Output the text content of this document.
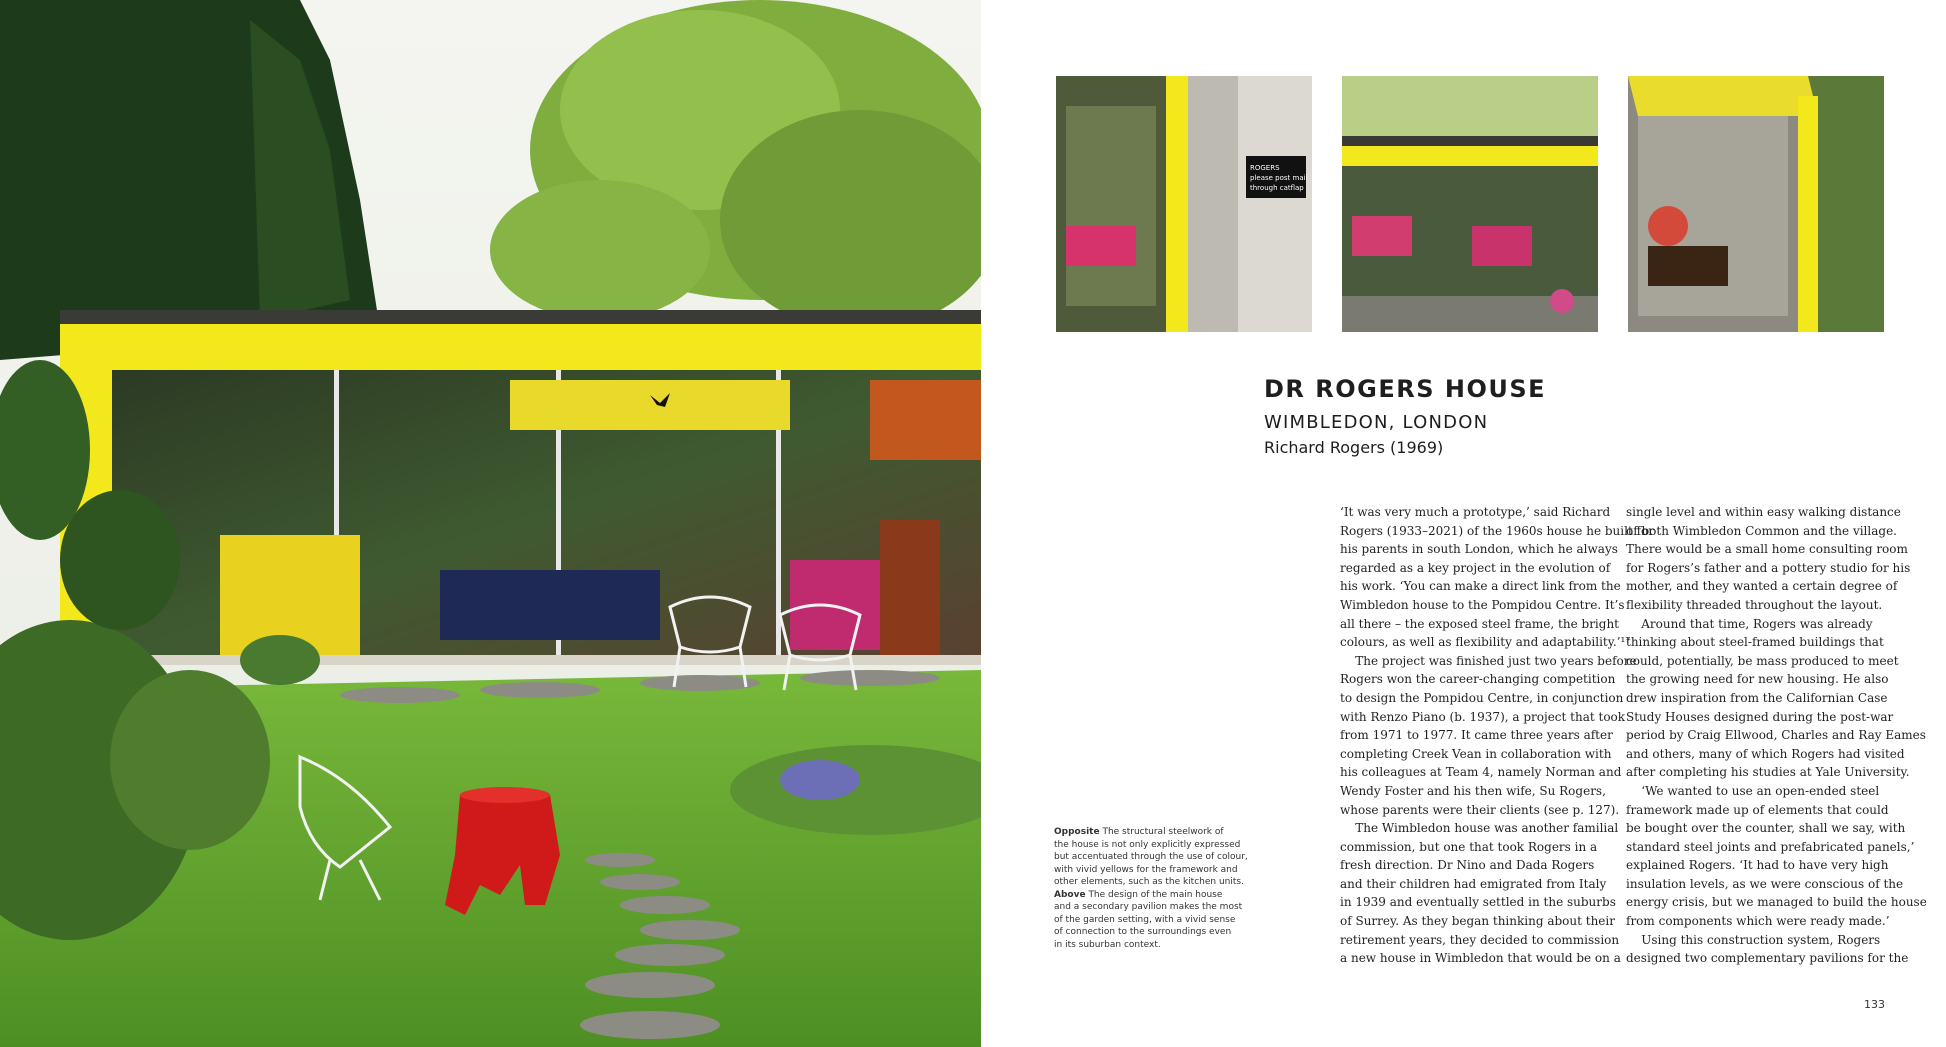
ROGERS
please post mail
through catflap
DR ROGERS HOUSE
WIMBLEDON, LONDON
Richard Rogers (1969)
‘It was very much a prototype,’ said Richard
Rogers (1933–2021) of the 1960s house he built for
his parents in south London, which he always
regarded as a key project in the evolution of
his work. ‘You can make a direct link from the
Wimbledon house to the Pompidou Centre. It’s
all there – the exposed steel frame, the bright
colours, as well as flexibility and adaptability.’¹⁷
The project was finished just two years before
Rogers won the career-changing competition
to design the Pompidou Centre, in conjunction
with Renzo Piano (b. 1937), a project that took
from 1971 to 1977. It came three years after
completing Creek Vean in collaboration with
his colleagues at Team 4, namely Norman and
Wendy Foster and his then wife, Su Rogers,
whose parents were their clients (see p. 127).
The Wimbledon house was another familial
commission, but one that took Rogers in a
fresh direction. Dr Nino and Dada Rogers
and their children had emigrated from Italy
in 1939 and eventually settled in the suburbs
of Surrey. As they began thinking about their
retirement years, they decided to commission
a new house in Wimbledon that would be on a
single level and within easy walking distance
of both Wimbledon Common and the village.
There would be a small home consulting room
for Rogers’s father and a pottery studio for his
mother, and they wanted a certain degree of
flexibility threaded throughout the layout.
Around that time, Rogers was already
thinking about steel-framed buildings that
could, potentially, be mass produced to meet
the growing need for new housing. He also
drew inspiration from the Californian Case
Study Houses designed during the post-war
period by Craig Ellwood, Charles and Ray Eames
and others, many of which Rogers had visited
after completing his studies at Yale University.
‘We wanted to use an open-ended steel
framework made up of elements that could
be bought over the counter, shall we say, with
standard steel joints and prefabricated panels,’
explained Rogers. ‘It had to have very high
insulation levels, as we were conscious of the
energy crisis, but we managed to build the house
from components which were ready made.’
Using this construction system, Rogers
designed two complementary pavilions for the
Opposite The structural steelwork of
the house is not only explicitly expressed
but accentuated through the use of colour,
with vivid yellows for the framework and
other elements, such as the kitchen units.
Above The design of the main house
and a secondary pavilion makes the most
of the garden setting, with a vivid sense
of connection to the surroundings even
in its suburban context.
133
